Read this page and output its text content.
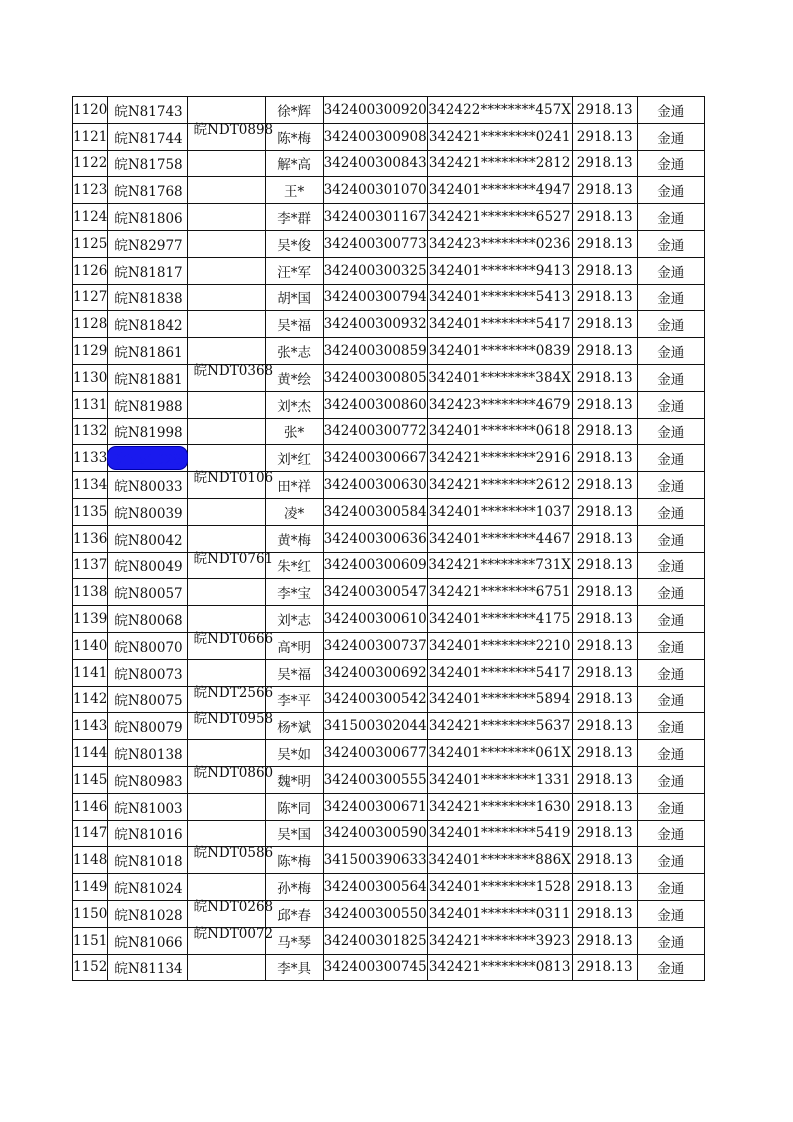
1120	皖N81743		徐*辉	342400300920	342422********457X	2918.13	金通
1121	皖N81744	皖NDT0898	陈*梅	342400300908	342421********0241	2918.13	金通
1122	皖N81758		解*高	342400300843	342421********2812	2918.13	金通
1123	皖N81768		王*	342400301070	342401********4947	2918.13	金通
1124	皖N81806		李*群	342400301167	342421********6527	2918.13	金通
1125	皖N82977		吴*俊	342400300773	342423********0236	2918.13	金通
1126	皖N81817		汪*军	342400300325	342401********9413	2918.13	金通
1127	皖N81838		胡*国	342400300794	342401********5413	2918.13	金通
1128	皖N81842		吴*福	342400300932	342401********5417	2918.13	金通
1129	皖N81861		张*志	342400300859	342401********0839	2918.13	金通
1130	皖N81881	皖NDT0368	黄*绘	342400300805	342401********384X	2918.13	金通
1131	皖N81988		刘*杰	342400300860	342423********4679	2918.13	金通
1132	皖N81998		张*	342400300772	342401********0618	2918.13	金通
1133	皖N80028		刘*红	342400300667	342421********2916	2918.13	金通
1134	皖N80033	皖NDT0106	田*祥	342400300630	342421********2612	2918.13	金通
1135	皖N80039		凌*	342400300584	342401********1037	2918.13	金通
1136	皖N80042		黄*梅	342400300636	342401********4467	2918.13	金通
1137	皖N80049	皖NDT0761	朱*红	342400300609	342421********731X	2918.13	金通
1138	皖N80057		李*宝	342400300547	342421********6751	2918.13	金通
1139	皖N80068		刘*志	342400300610	342401********4175	2918.13	金通
1140	皖N80070	皖NDT0666	高*明	342400300737	342401********2210	2918.13	金通
1141	皖N80073		吴*福	342400300692	342401********5417	2918.13	金通
1142	皖N80075	皖NDT2566	李*平	342400300542	342401********5894	2918.13	金通
1143	皖N80079	皖NDT0958	杨*斌	341500302044	342421********5637	2918.13	金通
1144	皖N80138		吴*如	342400300677	342401********061X	2918.13	金通
1145	皖N80983	皖NDT0860	魏*明	342400300555	342401********1331	2918.13	金通
1146	皖N81003		陈*同	342400300671	342421********1630	2918.13	金通
1147	皖N81016		吴*国	342400300590	342401********5419	2918.13	金通
1148	皖N81018	皖NDT0586	陈*梅	341500390633	342401********886X	2918.13	金通
1149	皖N81024		孙*梅	342400300564	342401********1528	2918.13	金通
1150	皖N81028	皖NDT0268	邱*春	342400300550	342401********0311	2918.13	金通
1151	皖N81066	皖NDT0072	马*琴	342400301825	342421********3923	2918.13	金通
1152	皖N81134		李*具	342400300745	342421********0813	2918.13	金通
